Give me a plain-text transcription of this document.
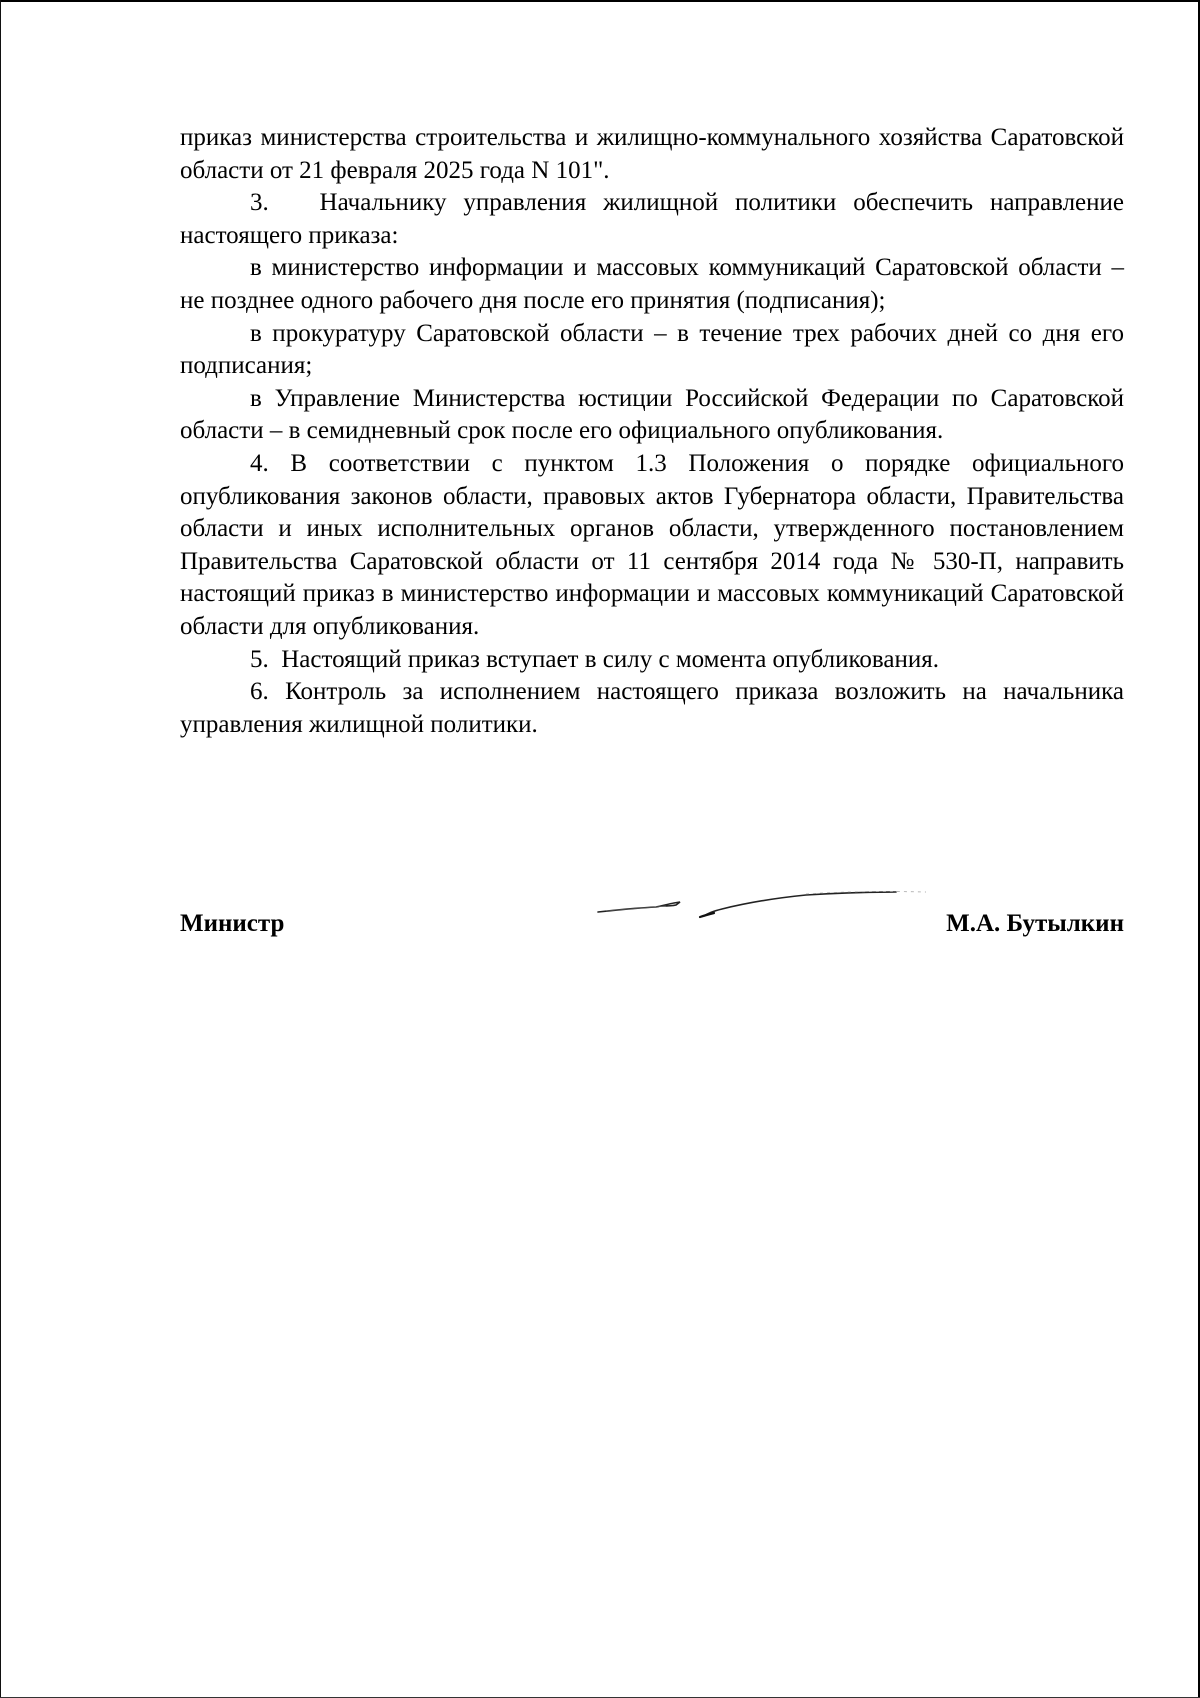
приказ министерства строительства и жилищно-коммунального хозяйства Саратовской области от 21 февраля 2025 года N 101".

3.   Начальнику управления жилищной политики обеспечить направление настоящего приказа:

в министерство информации и массовых коммуникаций Саратовской области – не позднее одного рабочего дня после его принятия (подписания);

в прокуратуру Саратовской области – в течение трех рабочих дней со дня его подписания;

в Управление Министерства юстиции Российской Федерации по Саратовской области – в семидневный срок после его официального опубликования.

4. В соответствии с пунктом 1.3 Положения о порядке официального опубликования законов области, правовых актов Губернатора области, Правительства области и иных исполнительных органов области, утвержденного постановлением Правительства Саратовской области от 11 сентября 2014 года № 530-П, направить настоящий приказ в министерство информации и массовых коммуникаций Саратовской области для опубликования.

5.  Настоящий приказ вступает в силу с момента опубликования.

6. Контроль за исполнением настоящего приказа возложить на начальника управления жилищной политики.

Министр	М.А. Бутылкин
